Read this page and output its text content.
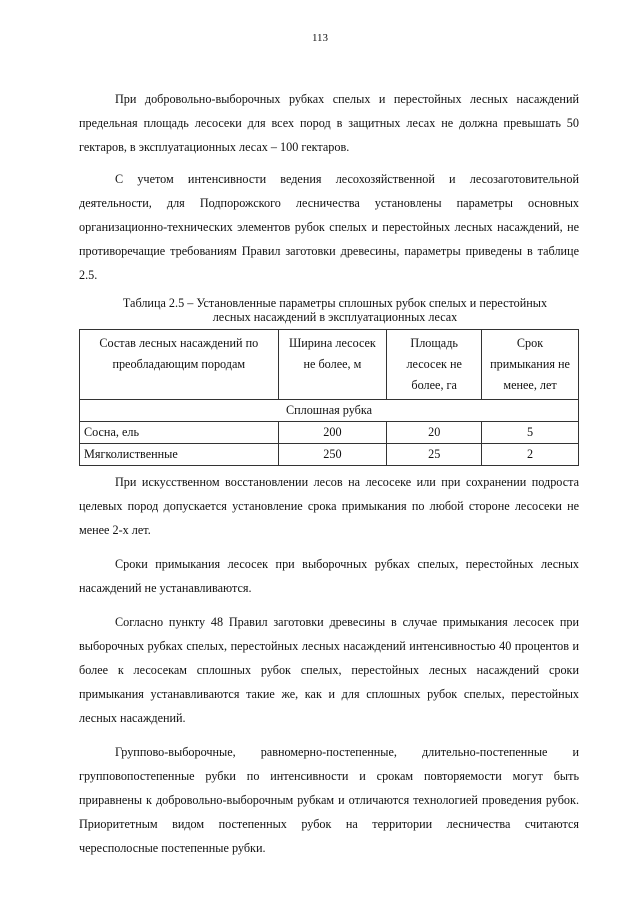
113

При добровольно-выборочных рубках спелых и перестойных лесных насаждений предельная площадь лесосеки для всех пород в защитных лесах не должна превышать 50 гектаров, в эксплуатационных лесах – 100 гектаров.

С учетом интенсивности ведения лесохозяйственной и лесозаготовительной деятельности, для Подпорожского лесничества установлены параметры основных организационно-технических элементов рубок спелых и перестойных лесных насаждений, не противоречащие требованиям Правил заготовки древесины, параметры приведены в таблице 2.5.

Таблица 2.5 – Установленные параметры сплошных рубок спелых и перестойных
лесных насаждений в эксплуатационных лесах
Состав лесных насаждений по преобладающим породам	Ширина лесосек не более, м	Площадь лесосек не более, га	Срок примыкания не менее, лет
Сплошная рубка			
Сосна, ель	200	20	5
Мягколиственные	250	25	2

При искусственном восстановлении лесов на лесосеке или при сохранении подроста целевых пород допускается установление срока примыкания по любой стороне лесосеки не менее 2-х лет.

Сроки примыкания лесосек при выборочных рубках спелых, перестойных лесных насаждений не устанавливаются.

Согласно пункту 48 Правил заготовки древесины в случае примыкания лесосек при выборочных рубках спелых, перестойных лесных насаждений интенсивностью 40 процентов и более к лесосекам сплошных рубок спелых, перестойных лесных насаждений сроки примыкания устанавливаются такие же, как и для сплошных рубок спелых, перестойных лесных насаждений.

Группово-выборочные, равномерно-постепенные, длительно-постепенные и групповопостепенные рубки по интенсивности и срокам повторяемости могут быть приравнены к добровольно-выборочным рубкам и отличаются технологией проведения рубок. Приоритетным видом постепенных рубок на территории лесничества считаются чересполосные постепенные рубки.
